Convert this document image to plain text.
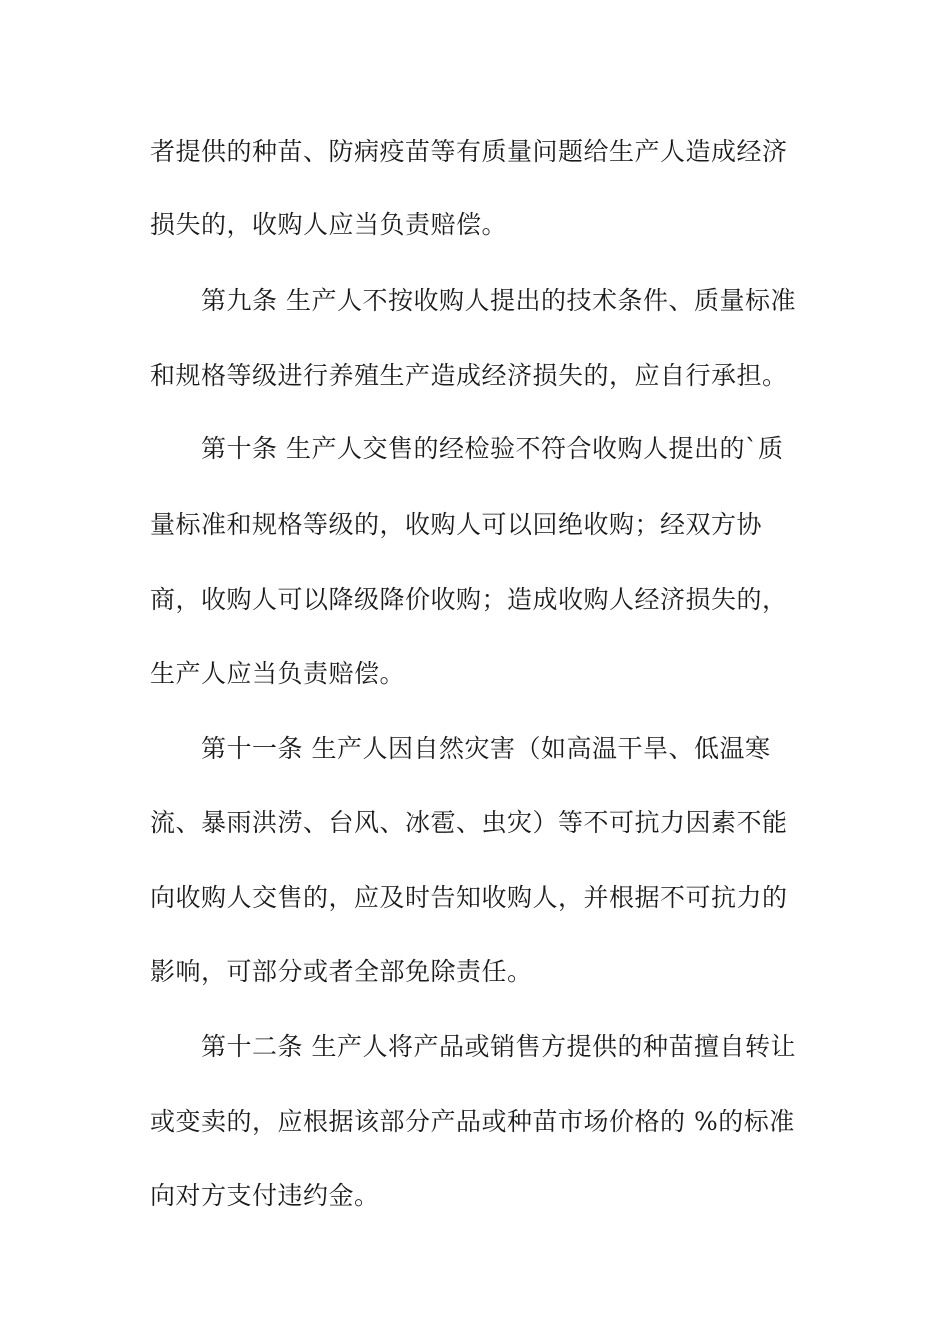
者提供的种苗、防病疫苗等有质量问题给生产人造成经济
损失的，收购人应当负责赔偿。
第九条 生产人不按收购人提出的技术条件、质量标准
和规格等级进行养殖生产造成经济损失的，应自行承担。
第十条 生产人交售的经检验不符合收购人提出的`质
量标准和规格等级的，收购人可以回绝收购；经双方协
商，收购人可以降级降价收购；造成收购人经济损失的，
生产人应当负责赔偿。
第十一条 生产人因自然灾害（如高温干旱、低温寒
流、暴雨洪涝、台风、冰雹、虫灾）等不可抗力因素不能
向收购人交售的，应及时告知收购人，并根据不可抗力的
影响，可部分或者全部免除责任。
第十二条 生产人将产品或销售方提供的种苗擅自转让
或变卖的，应根据该部分产品或种苗市场价格的 %的标准
向对方支付违约金。
